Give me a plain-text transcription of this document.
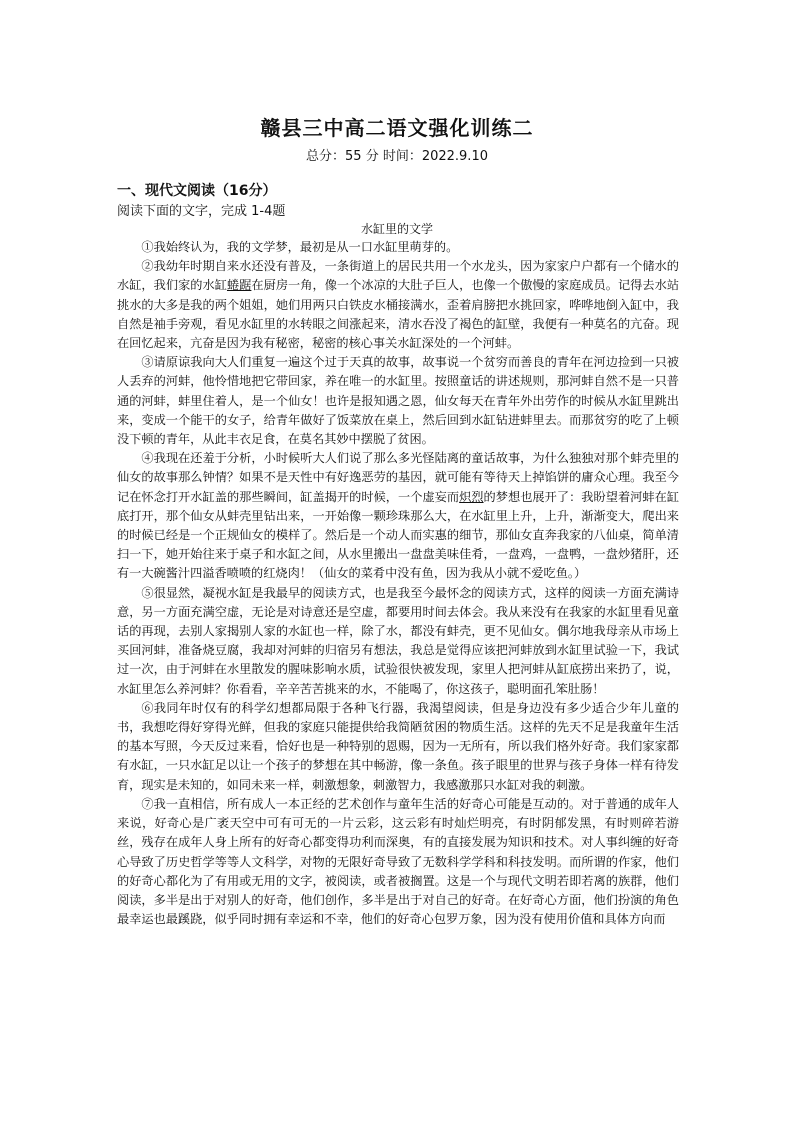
赣县三中高二语文强化训练二
总分：55 分 时间：2022.9.10
一、现代文阅读（16分）
阅读下面的文字，完成 1-4题
水缸里的文学

①我始终认为，我的文学梦，最初是从一口水缸里萌芽的。

②我幼年时期自来水还没有普及，一条街道上的居民共用一个水龙头，因为家家户户都有一个储水的水缸，我们家的水缸蜷踞在厨房一角，像一个冰凉的大肚子巨人，也像一个傲慢的家庭成员。记得去水站挑水的大多是我的两个姐姐，她们用两只白铁皮水桶接满水，歪着肩膀把水挑回家，哗哗地倒入缸中，我自然是袖手旁观，看见水缸里的水转眼之间涨起来，清水吞没了褐色的缸壁，我便有一种莫名的亢奋。现在回忆起来，亢奋是因为我有秘密，秘密的核心事关水缸深处的一个河蚌。

③请原谅我向大人们重复一遍这个过于天真的故事，故事说一个贫穷而善良的青年在河边捡到一只被人丢弃的河蚌，他怜惜地把它带回家，养在唯一的水缸里。按照童话的讲述规则，那河蚌自然不是一只普通的河蚌，蚌里住着人，是一个仙女！也许是报知遇之恩，仙女每天在青年外出劳作的时候从水缸里跳出来，变成一个能干的女子，给青年做好了饭菜放在桌上，然后回到水缸钻进蚌里去。而那贫穷的吃了上顿没下顿的青年，从此丰衣足食，在莫名其妙中摆脱了贫困。

④我现在还羞于分析，小时候听大人们说了那么多光怪陆离的童话故事，为什么独独对那个蚌壳里的仙女的故事那么钟情？如果不是天性中有好逸恶劳的基因，就可能有等待天上掉馅饼的庸众心理。我至今记在怀念打开水缸盖的那些瞬间，缸盖揭开的时候，一个虚妄而炽烈的梦想也展开了：我盼望着河蚌在缸底打开，那个仙女从蚌壳里钻出来，一开始像一颗珍珠那么大，在水缸里上升，上升，渐渐变大，爬出来的时候已经是一个正规仙女的模样了。然后是一个动人而实惠的细节，那仙女直奔我家的八仙桌，简单清扫一下，她开始往来于桌子和水缸之间，从水里搬出一盘盘美味佳肴，一盘鸡，一盘鸭，一盘炒猪肝，还有一大碗酱汁四溢香喷喷的红烧肉！（仙女的菜肴中没有鱼，因为我从小就不爱吃鱼。）

⑤很显然，凝视水缸是我最早的阅读方式，也是我至今最怀念的阅读方式，这样的阅读一方面充满诗意，另一方面充满空虚，无论是对诗意还是空虚，都要用时间去体会。我从来没有在我家的水缸里看见童话的再现，去别人家揭别人家的水缸也一样，除了水，都没有蚌壳，更不见仙女。偶尔地我母亲从市场上买回河蚌，准备烧豆腐，我却对河蚌的归宿另有想法，我总是觉得应该把河蚌放到水缸里试验一下，我试过一次，由于河蚌在水里散发的腥味影响水质，试验很快被发现，家里人把河蚌从缸底捞出来扔了，说，水缸里怎么养河蚌？你看看，辛辛苦苦挑来的水，不能喝了，你这孩子，聪明面孔笨肚肠！

⑥我同年时仅有的科学幻想都局限于各种飞行器，我渴望阅读，但是身边没有多少适合少年儿童的书，我想吃得好穿得光鲜，但我的家庭只能提供给我简陋贫困的物质生活。这样的先天不足是我童年生活的基本写照，今天反过来看，恰好也是一种特别的恩赐，因为一无所有，所以我们格外好奇。我们家家都有水缸，一只水缸足以让一个孩子的梦想在其中畅游，像一条鱼。孩子眼里的世界与孩子身体一样有待发育，现实是未知的，如同未来一样，刺激想象，刺激智力，我感激那只水缸对我的刺激。

⑦我一直相信，所有成人一本正经的艺术创作与童年生活的好奇心可能是互动的。对于普通的成年人来说，好奇心是广袤天空中可有可无的一片云彩，这云彩有时灿烂明亮，有时阴郁发黑，有时则碎若游丝，残存在成年人身上所有的好奇心都变得功利而深奥，有的直接发展为知识和技术。对人事纠缠的好奇心导致了历史哲学等等人文科学，对物的无限好奇导致了无数科学学科和科技发明。而所谓的作家，他们的好奇心都化为了有用或无用的文字，被阅读，或者被搁置。这是一个与现代文明若即若离的族群，他们阅读，多半是出于对别人的好奇，他们创作，多半是出于对自己的好奇。在好奇心方面，他们扮演的角色最幸运也最蹊跷，似乎同时拥有幸运和不幸，他们的好奇心包罗万象，因为没有使用价值和具体方向而
